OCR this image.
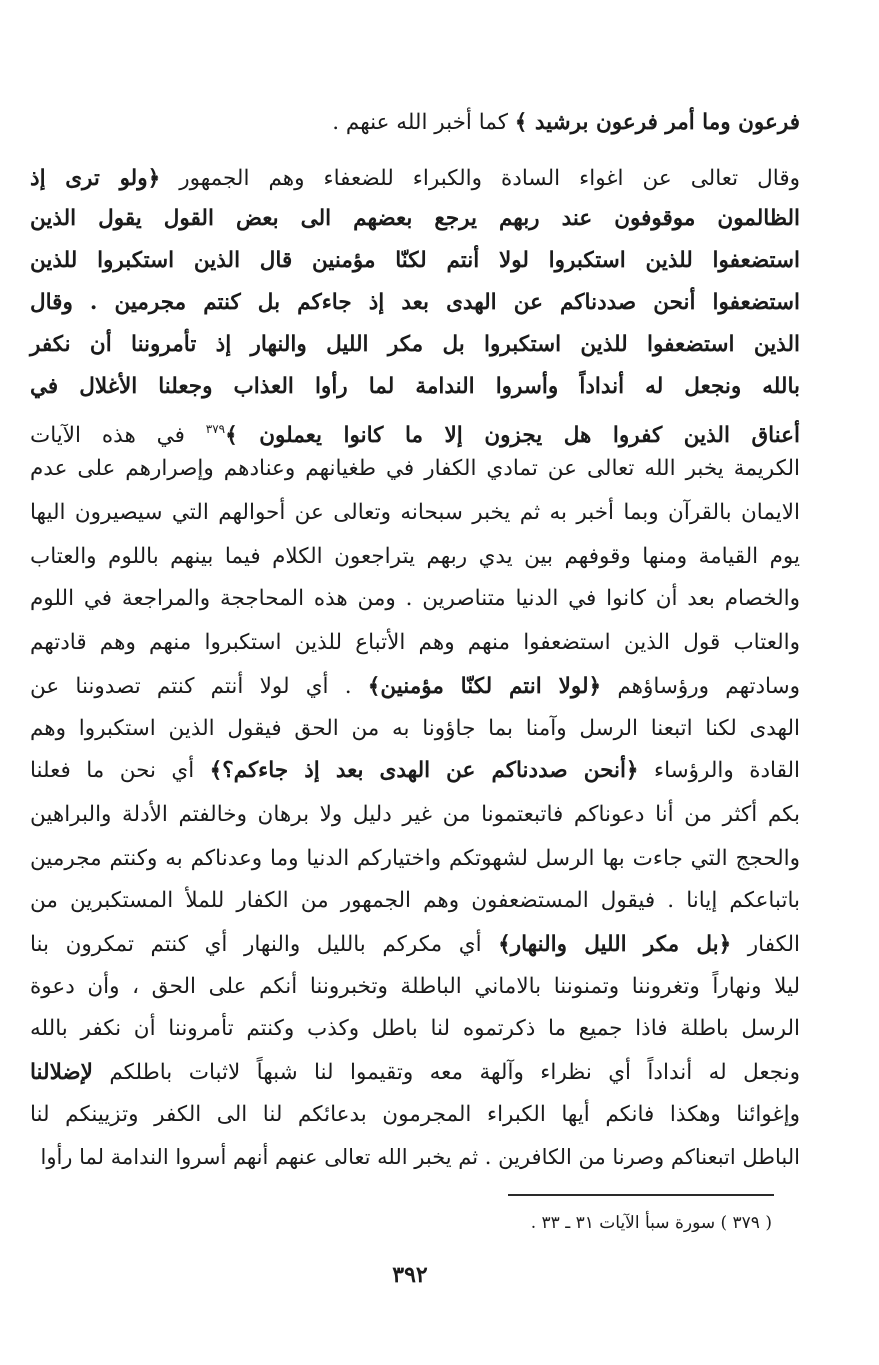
فرعون وما أمر فرعون برشيد ﴾ كما أخبر الله عنهم .
وقال تعالى عن اغواء السادة والكبراء للضعفاء وهم الجمهور ﴿ولو ترى إذ
الظالمون موقوفون عند ربهم يرجع بعضهم الى بعض القول يقول الذين
استضعفوا للذين استكبروا لولا أنتم لكنّا مؤمنين قال الذين استكبروا للذين
استضعفوا أنحن صددناكم عن الهدى بعد إذ جاءكم بل كنتم مجرمين . وقال
الذين استضعفوا للذين استكبروا بل مكر الليل والنهار إذ تأمروننا أن نكفر
بالله ونجعل له أنداداً وأسروا الندامة لما رأوا العذاب وجعلنا الأغلال في
أعناق الذين كفروا هل يجزون إلا ما كانوا يعملون ﴾$^{٣٧٩}$ في هذه الآيات
الكريمة يخبر الله تعالى عن تمادي الكفار في طغيانهم وعنادهم وإصرارهم على عدم
الايمان بالقرآن وبما أخبر به ثم يخبر سبحانه وتعالى عن أحوالهم التي سيصيرون اليها
يوم القيامة ومنها وقوفهم بين يدي ربهم يتراجعون الكلام فيما بينهم باللوم والعتاب
والخصام بعد أن كانوا في الدنيا متناصرين . ومن هذه المحاججة والمراجعة في اللوم
والعتاب قول الذين استضعفوا منهم وهم الأتباع للذين استكبروا منهم وهم قادتهم
وسادتهم ورؤساؤهم ﴿لولا انتم لكنّا مؤمنين﴾ . أي لولا أنتم كنتم تصدوننا عن
الهدى لكنا اتبعنا الرسل وآمنا بما جاؤونا به من الحق فيقول الذين استكبروا وهم
القادة والرؤساء ﴿أنحن صددناكم عن الهدى بعد إذ جاءكم؟﴾ أي نحن ما فعلنا
بكم أكثر من أنا دعوناكم فاتبعتمونا من غير دليل ولا برهان وخالفتم الأدلة والبراهين
والحجج التي جاءت بها الرسل لشهوتكم واختياركم الدنيا وما وعدناكم به وكنتم مجرمين
باتباعكم إيانا . فيقول المستضعفون وهم الجمهور من الكفار للملأ المستكبرين من
الكفار ﴿بل مكر الليل والنهار﴾ أي مكركم بالليل والنهار أي كنتم تمكرون بنا
ليلا ونهاراً وتغروننا وتمنوننا بالاماني الباطلة وتخبروننا أنكم على الحق ، وأن دعوة
الرسل باطلة فاذا جميع ما ذكرتموه لنا باطل وكذب وكنتم تأمروننا أن نكفر بالله
ونجعل له أنداداً أي نظراء وآلهة معه وتقيموا لنا شبهاً لاثبات باطلكم لإضلالنا
وإغوائنا وهكذا فانكم أيها الكبراء المجرمون بدعائكم لنا الى الكفر وتزيينكم لنا
الباطل اتبعناكم وصرنا من الكافرين . ثم يخبر الله تعالى عنهم أنهم أسروا الندامة لما رأوا
( ٣٧٩ ) سورة سبأ الآيات ٣١ ـ ٣٣ .
٣٩٢
